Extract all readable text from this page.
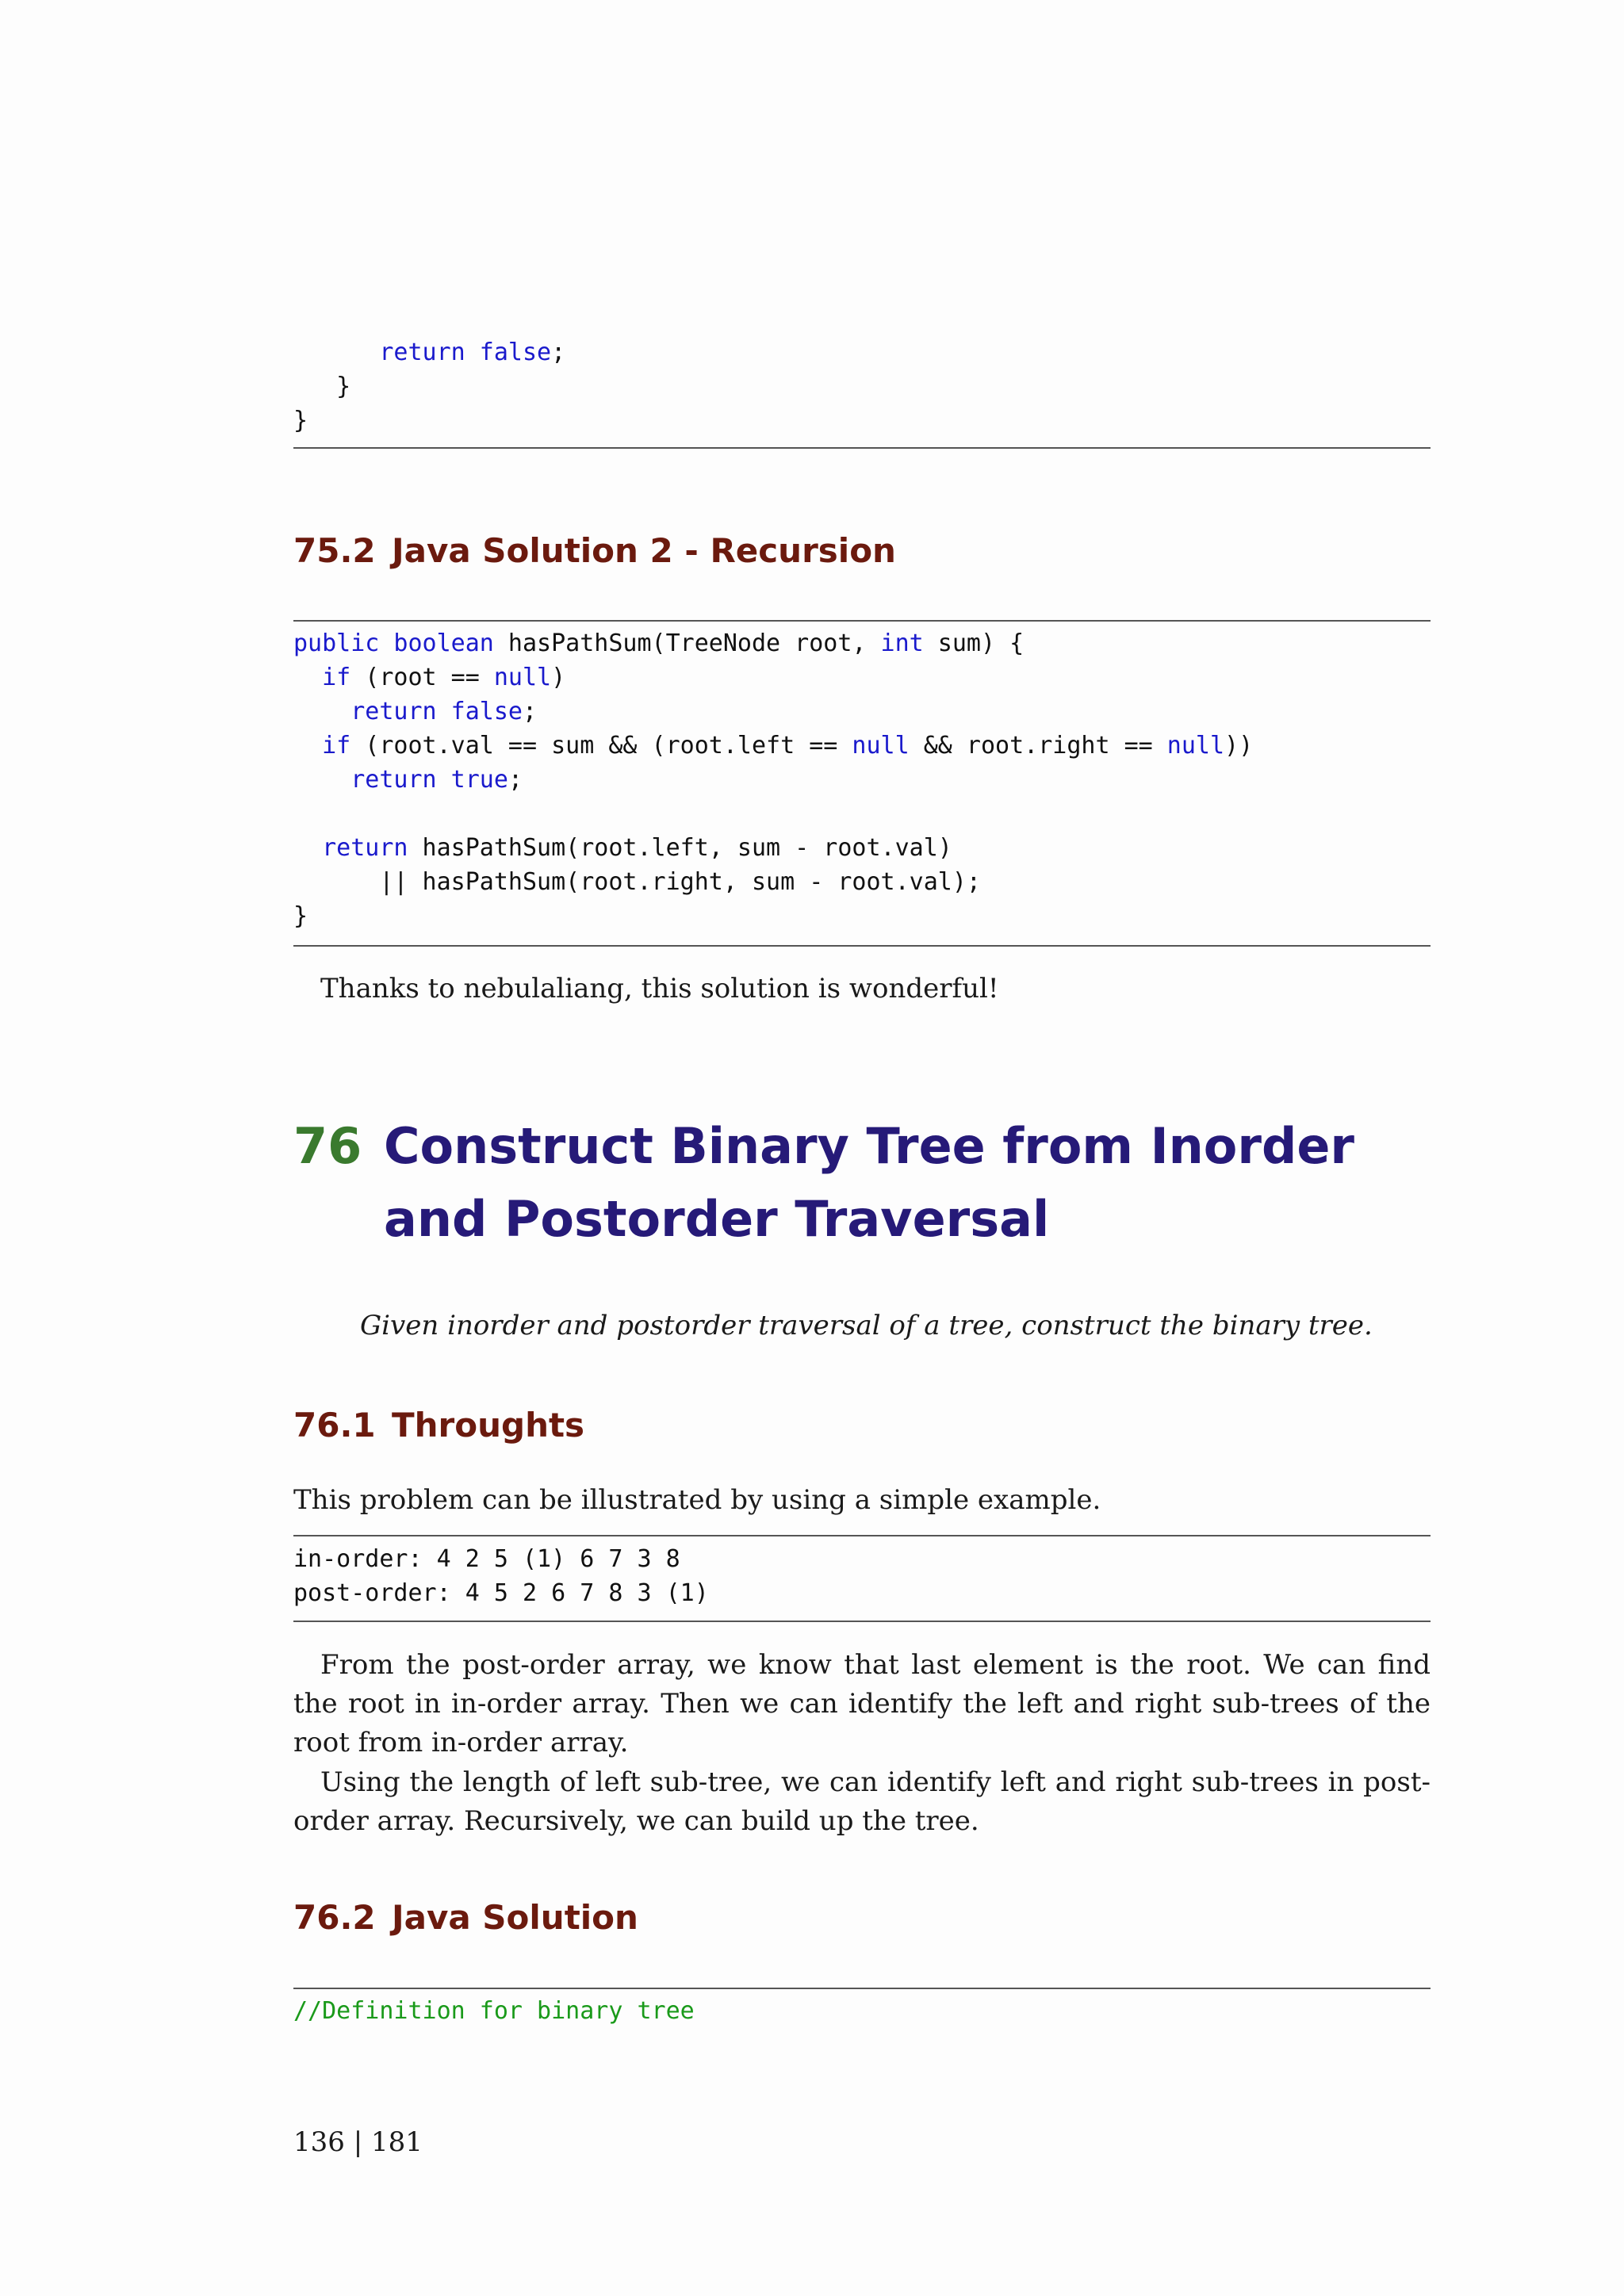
return false;
}
}
75.2 Java Solution 2 - Recursion
public boolean hasPathSum(TreeNode root, int sum) {
if (root == null)
return false;
if (root.val == sum && (root.left == null && root.right == null))
return true;

return hasPathSum(root.left, sum - root.val)
|| hasPathSum(root.right, sum - root.val);
}

Thanks to nebulaliang, this solution is wonderful!

76 Construct Binary Tree from Inorder and Postorder Traversal

Given inorder and postorder traversal of a tree, construct the binary tree.

76.1 Throughts

This problem can be illustrated by using a simple example.

in-order: 4 2 5 (1) 6 7 3 8
post-order: 4 5 2 6 7 8 3 (1)

From the post-order array, we know that last element is the root. We can find the root in in-order array. Then we can identify the left and right sub-trees of the root from in-order array.

Using the length of left sub-tree, we can identify left and right sub-trees in post-order array. Recursively, we can build up the tree.

76.2 Java Solution
//Definition for binary tree
136 | 181
